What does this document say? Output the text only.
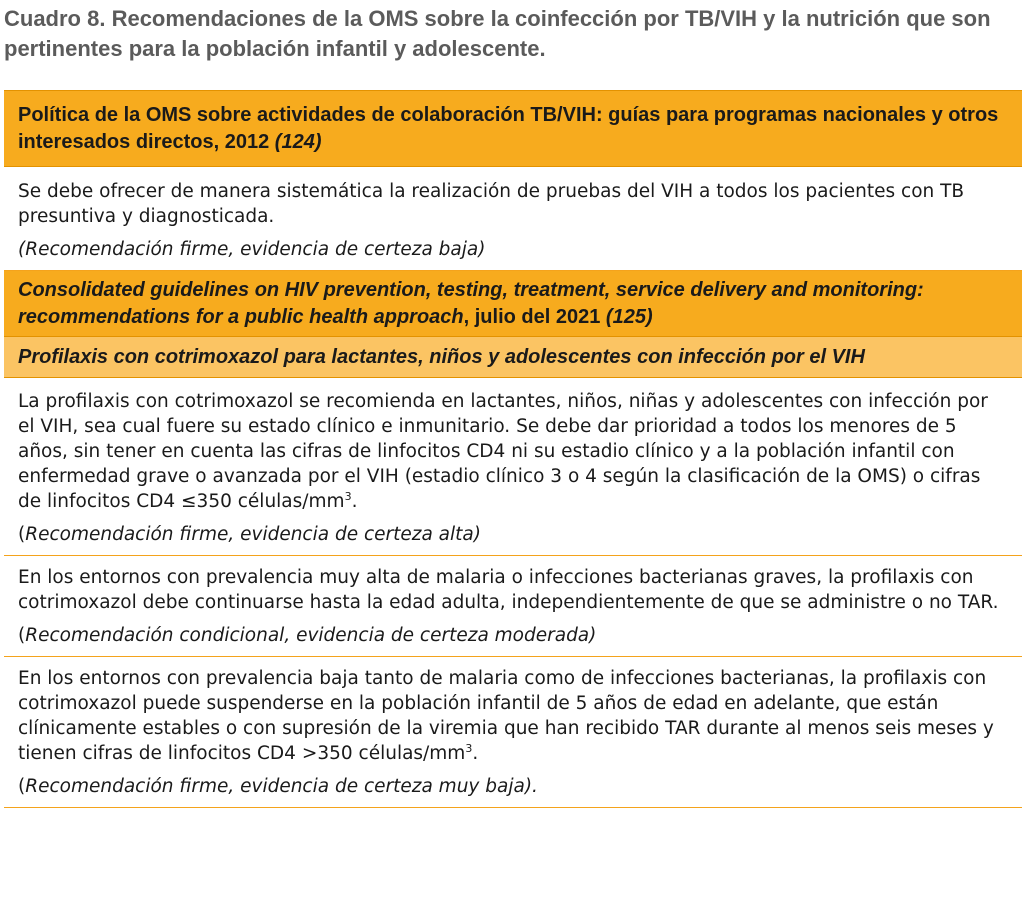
Cuadro 8. Recomendaciones de la OMS sobre la coinfección por TB/VIH y la nutrición que son pertinentes para la población infantil y adolescente.
Política de la OMS sobre actividades de colaboración TB/VIH: guías para programas nacionales y otros interesados directos, 2012 (124)

Se debe ofrecer de manera sistemática la realización de pruebas del VIH a todos los pacientes con TB presuntiva y diagnosticada.

(Recomendación firme, evidencia de certeza baja)

Consolidated guidelines on HIV prevention, testing, treatment, service delivery and monitoring: recommendations for a public health approach, julio del 2021 (125)
Profilaxis con cotrimoxazol para lactantes, niños y adolescentes con infección por el VIH

La profilaxis con cotrimoxazol se recomienda en lactantes, niños, niñas y adolescentes con infección por el VIH, sea cual fuere su estado clínico e inmunitario. Se debe dar prioridad a todos los menores de 5 años, sin tener en cuenta las cifras de linfocitos CD4 ni su estadio clínico y a la población infantil con enfermedad grave o avanzada por el VIH (estadio clínico 3 o 4 según la clasificación de la OMS) o cifras de linfocitos CD4 ≤350 células/$mm^3$.

(Recomendación firme, evidencia de certeza alta)

En los entornos con prevalencia muy alta de malaria o infecciones bacterianas graves, la profilaxis con cotrimoxazol debe continuarse hasta la edad adulta, independientemente de que se administre o no TAR.

(Recomendación condicional, evidencia de certeza moderada)

En los entornos con prevalencia baja tanto de malaria como de infecciones bacterianas, la profilaxis con cotrimoxazol puede suspenderse en la población infantil de 5 años de edad en adelante, que están clínicamente estables o con supresión de la viremia que han recibido TAR durante al menos seis meses y tienen cifras de linfocitos CD4 >350 células/$mm^3$.

(Recomendación firme, evidencia de certeza muy baja).
